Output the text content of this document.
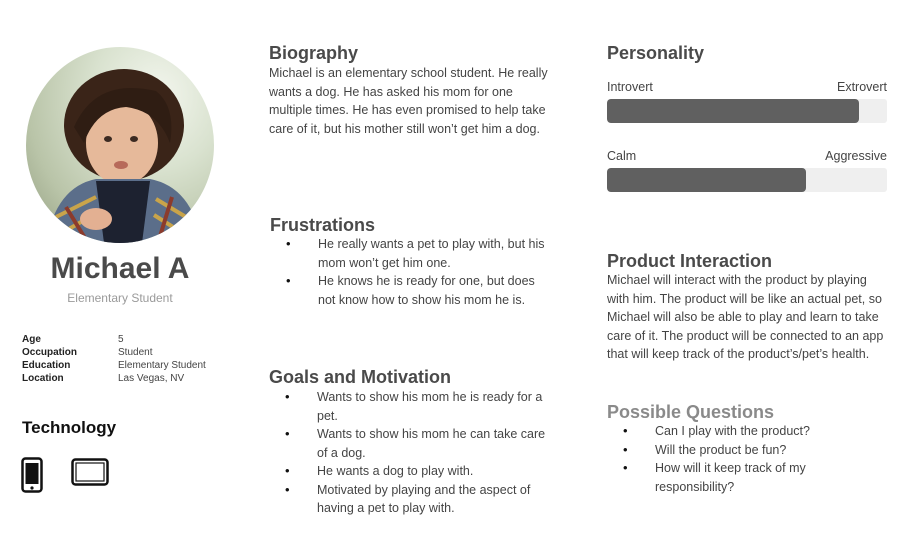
Michael A
Elementary Student
Age	5
Occupation	Student
Education	Elementary Student
Location	Las Vegas, NV
Technology
Biography
Michael is an elementary school student. He really wants a dog. He has asked his mom for one multiple times. He has even promised to help take care of it, but his mother still won’t get him a dog.
Frustrations
• He really wants a pet to play with, but his mom won’t get him one.
• He knows he is ready for one, but does not know how to show his mom he is.
Goals and Motivation
• Wants to show his mom he is ready for a pet.
• Wants to show his mom he can take care of a dog.
• He wants a dog to play with.
• Motivated by playing and the aspect of having a pet to play with.
Personality
Introvert	Extrovert
Calm	Aggressive
Product Interaction
Michael will interact with the product by playing with him. The product will be like an actual pet, so Michael will also be able to play and learn to take care of it. The product will be connected to an app that will keep track of the product’s/pet’s health.
Possible Questions
• Can I play with the product?
• Will the product be fun?
• How will it keep track of my responsibility?
